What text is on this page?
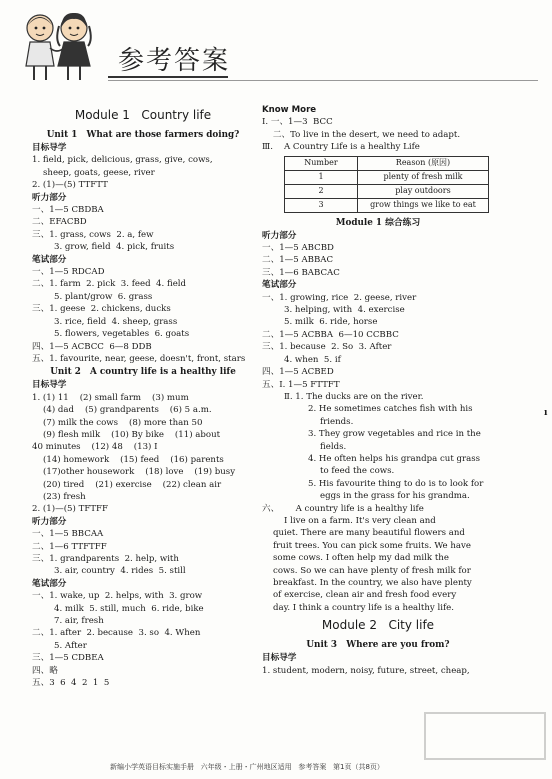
参考答案
Module 1   Country life
Unit 1   What are those farmers doing?
目标导学
1. field, pick, delicious, grass, give, cows,
sheep, goats, geese, river
2. (1)—(5) TTFTT
听力部分
一、1—5 CBDBA
二、EFACBD
三、1. grass, cows  2. a, few
3. grow, field  4. pick, fruits
笔试部分
一、1—5 RDCAD
二、1. farm  2. pick  3. feed  4. field
5. plant/grow  6. grass
三、1. geese  2. chickens, ducks
3. rice, field  4. sheep, grass
5. flowers, vegetables  6. goats
四、1—5 ACBCC  6—8 DDB
五、1. favourite, near, geese, doesn't, front, stars
Unit 2   A country life is a healthy life
目标导学
1. (1) 11    (2) small farm    (3) mum
(4) dad    (5) grandparents    (6) 5 a.m.
(7) milk the cows    (8) more than 50
(9) flesh milk    (10) By bike    (11) about
40 minutes    (12) 48    (13) I
(14) homework    (15) feed    (16) parents
(17)other housework    (18) love    (19) busy
(20) tired    (21) exercise    (22) clean air
(23) fresh
2. (1)—(5) TFTFF
听力部分
一、1—5 BBCAA
二、1—6 TTFTFF
三、1. grandparents  2. help, with
3. air, country  4. rides  5. still
笔试部分
一、1. wake, up  2. helps, with  3. grow
4. milk  5. still, much  6. ride, bike
7. air, fresh
二、1. after  2. because  3. so  4. When
5. After
三、1—5 CDBEA
四、略
五、3  6  4  2  1  5
Know More
Ⅰ. 一、1—3  BCC
二、To live in the desert, we need to adapt.
Ⅲ.    A Country Life is a healthy Life
Number	Reason (原因)
1	plenty of fresh milk
2	play outdoors
3	grow things we like to eat
Module 1 综合练习
听力部分
一、1—5 ABCBD
二、1—5 ABBAC
三、1—6 BABCAC
笔试部分
一、1. growing, rice  2. geese, river
3. helping, with  4. exercise
5. milk  6. ride, horse
二、1—5 ACBBA  6—10 CCBBC
三、1. because  2. So  3. After
4. when  5. if
四、1—5 ACBED
五、Ⅰ. 1—5 FTTFT
Ⅱ. 1. The ducks are on the river.
2. He sometimes catches fish with his
friends.
3. They grow vegetables and rice in the
fields.
4. He often helps his grandpa cut grass
to feed the cows.
5. His favourite thing to do is to look for
eggs in the grass for his grandma.
六、      A country life is a healthy life
I live on a farm. It's very clean and
quiet. There are many beautiful flowers and
fruit trees. You can pick some fruits. We have
some cows. I often help my dad milk the
cows. So we can have plenty of fresh milk for
breakfast. In the country, we also have plenty
of exercise, clean air and fresh food every
day. I think a country life is a healthy life.
Module 2   City life
Unit 3   Where are you from?
目标导学
1. student, modern, noisy, future, street, cheap,
ı
新编小学英语目标实施手册   六年级・上册・广州地区适用   参考答案   第1页（共8页）
